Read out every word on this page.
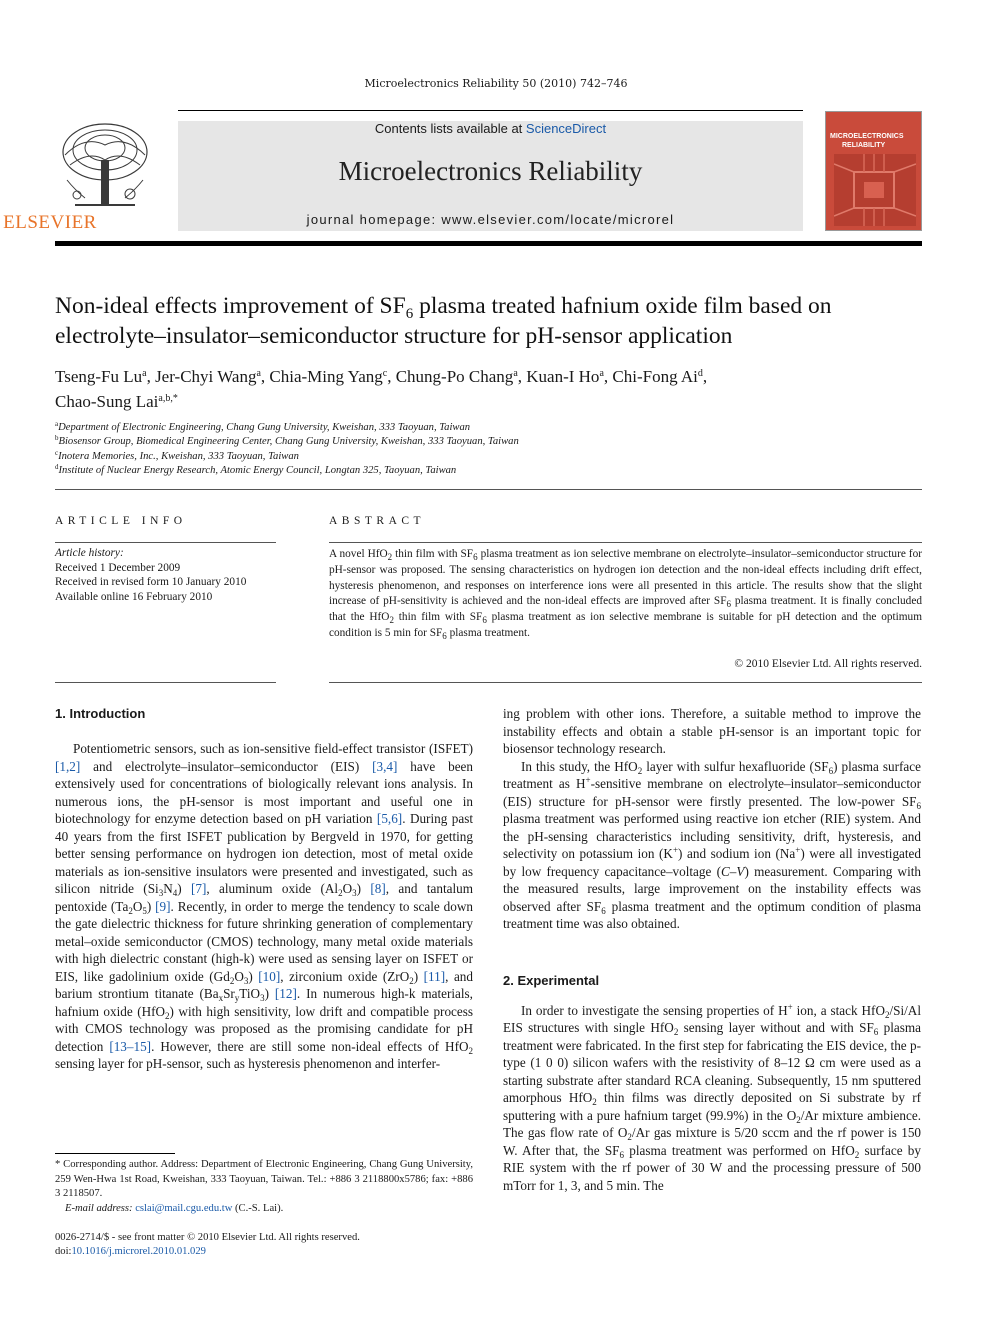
Microelectronics Reliability 50 (2010) 742–746
ELSEVIER
Contents lists available at ScienceDirect
Microelectronics Reliability
journal homepage: www.elsevier.com/locate/microrel
MICROELECTRONICS
RELIABILITY
Non-ideal effects improvement of $SF_6$ plasma treated hafnium oxide film based on
electrolyte–insulator–semiconductor structure for pH-sensor application
Tseng-Fu Lu$^a$, Jer-Chyi Wang$^a$, Chia-Ming Yang$^c$, Chung-Po Chang$^a$, Kuan-I Ho$^a$, Chi-Fong Ai$^d$,
Chao-Sung Lai$^{a,b,*}$
$^a$Department of Electronic Engineering, Chang Gung University, Kweishan, 333 Taoyuan, Taiwan
$^b$Biosensor Group, Biomedical Engineering Center, Chang Gung University, Kweishan, 333 Taoyuan, Taiwan
$^c$Inotera Memories, Inc., Kweishan, 333 Taoyuan, Taiwan
$^d$Institute of Nuclear Energy Research, Atomic Energy Council, Longtan 325, Taoyuan, Taiwan
ARTICLE INFO
Article history:
Received 1 December 2009
Received in revised form 10 January 2010
Available online 16 February 2010
ABSTRACT
A novel HfO$_2$ thin film with $SF_6$ plasma treatment as ion selective membrane on electrolyte–insulator–semiconductor structure for pH-sensor was proposed. The sensing characteristics on hydrogen ion detection and the non-ideal effects including drift effect, hysteresis phenomenon, and responses on interference ions were all presented in this article. The results show that the slight increase of pH-sensitivity is achieved and the non-ideal effects are improved after $SF_6$ plasma treatment. It is finally concluded that the HfO$_2$ thin film with $SF_6$ plasma treatment as ion selective membrane is suitable for pH detection and the optimum condition is 5 min for $SF_6$ plasma treatment.
© 2010 Elsevier Ltd. All rights reserved.
1. Introduction

Potentiometric sensors, such as ion-sensitive field-effect transistor (ISFET) [1,2] and electrolyte–insulator–semiconductor (EIS) [3,4] have been extensively used for concentrations of biologically relevant ions analysis. In numerous ions, the pH-sensor is most important and useful one in biotechnology for enzyme detection based on pH variation [5,6]. During past 40 years from the first ISFET publication by Bergveld in 1970, for getting better sensing performance on hydrogen ion detection, most of metal oxide materials as ion-sensitive insulators were presented and investigated, such as silicon nitride $(Si_3N_4)$ [7], aluminum oxide $(Al_2O_3)$ [8], and tantalum pentoxide $(Ta_2O_5)$ [9]. Recently, in order to merge the tendency to scale down the gate dielectric thickness for future shrinking generation of complementary metal–oxide semiconductor (CMOS) technology, many metal oxide materials with high dielectric constant (high-k) were used as sensing layer on ISFET or EIS, like gadolinium oxide $(Gd_2O_3)$ [10], zirconium oxide (ZrO$_2$) [11], and barium strontium titanate $(Ba_xSr_yTiO_3)$ [12]. In numerous high-k materials, hafnium oxide (HfO$_2$) with high sensitivity, low drift and compatible process with CMOS technology was proposed as the promising candidate for pH detection [13–15]. However, there are still some non-ideal effects of HfO$_2$ sensing layer for pH-sensor, such as hysteresis phenomenon and interfer-

ing problem with other ions. Therefore, a suitable method to improve the instability effects and obtain a stable pH-sensor is an important topic for biosensor technology research.

In this study, the HfO$_2$ layer with sulfur hexafluoride $(SF_6)$ plasma surface treatment as H+-sensitive membrane on electrolyte–insulator–semiconductor (EIS) structure for pH-sensor were firstly presented. The low-power $SF_6$ plasma treatment was performed using reactive ion etcher (RIE) system. And the pH-sensing characteristics including sensitivity, drift, hysteresis, and selectivity on potassium ion (K+) and sodium ion (Na+) were all investigated by low frequency capacitance–voltage (C–V) measurement. Comparing with the measured results, large improvement on the instability effects was observed after $SF_6$ plasma treatment and the optimum condition of plasma treatment time was also obtained.

In order to investigate the sensing properties of H+ ion, a stack HfO$_2$/Si/Al EIS structures with single HfO$_2$ sensing layer without and with $SF_6$ plasma treatment were fabricated. In the first step for fabricating the EIS device, the p-type (1 0 0) silicon wafers with the resistivity of 8–12 Ω cm were used as a starting substrate after standard RCA cleaning. Subsequently, 15 nm sputtered amorphous HfO$_2$ thin films was directly deposited on Si substrate by rf sputtering with a pure hafnium target (99.9%) in the $O_2/Ar$ mixture ambience. The gas flow rate of $O_2/Ar$ gas mixture is 5/20 sccm and the rf power is 150 W. After that, the $SF_6$ plasma treatment was performed on HfO$_2$ surface by RIE system with the rf power of 30 W and the processing pressure of 500 mTorr for 1, 3, and 5 min. The

2. Experimental
* Corresponding author. Address: Department of Electronic Engineering, Chang Gung University, 259 Wen-Hwa 1st Road, Kweishan, 333 Taoyuan, Taiwan. Tel.: +886 3 2118800x5786; fax: +886 3 2118507.
E-mail address: cslai@mail.cgu.edu.tw (C.-S. Lai).
0026-2714/$ - see front matter © 2010 Elsevier Ltd. All rights reserved.
doi:10.1016/j.microrel.2010.01.029
